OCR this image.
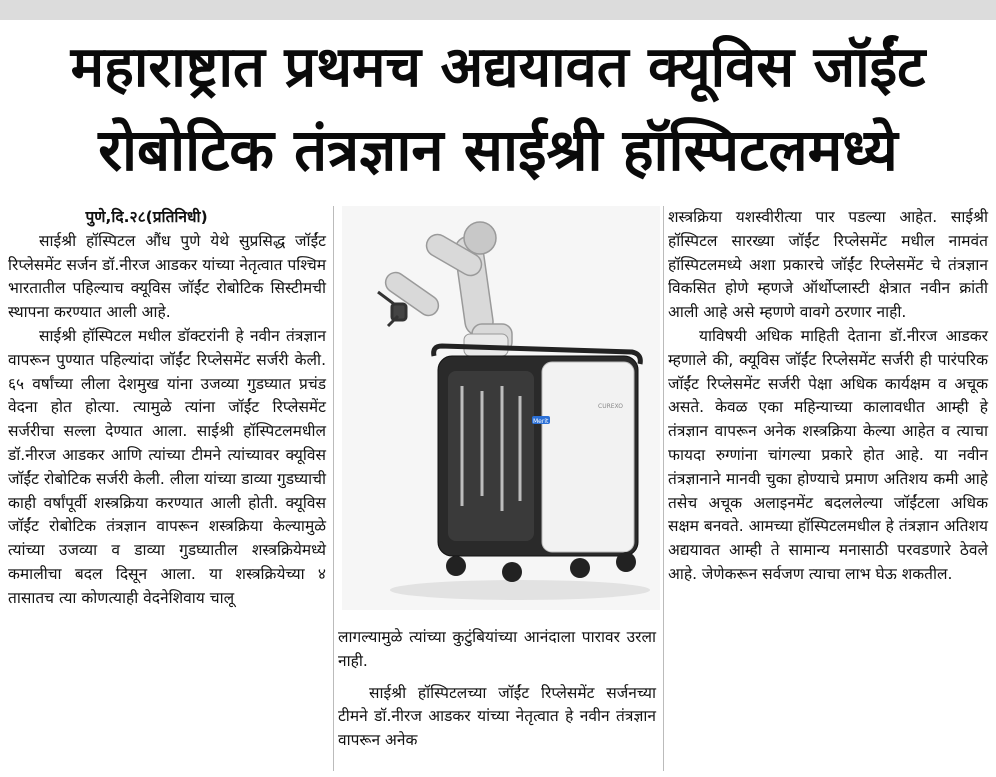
महाराष्ट्रात प्रथमच अद्ययावत क्यूविस जॉईंट
रोबोटिक तंत्रज्ञान साईश्री हॉस्पिटलमध्ये
पुणे,दि.२८(प्रतिनिधी)

साईश्री हॉस्पिटल औंध पुणे येथे सुप्रसिद्ध जॉईंट रिप्लेसमेंट सर्जन डॉ.नीरज आडकर यांच्या नेतृत्वात पश्चिम भारतातील पहिल्याच क्यूविस जॉईंट रोबोटिक सिस्टीमची स्थापना करण्यात आली आहे.

साईश्री हॉस्पिटल मधील डॉक्टरांनी हे नवीन तंत्रज्ञान वापरून पुण्यात पहिल्यांदा जॉईंट रिप्लेसमेंट सर्जरी केली. ६५ वर्षांच्या लीला देशमुख यांना उजव्या गुडघ्यात प्रचंड वेदना होत होत्या. त्यामुळे त्यांना जॉईंट रिप्लेसमेंट सर्जरीचा सल्ला देण्यात आला. साईश्री हॉस्पिटलमधील डॉ.नीरज आडकर आणि त्यांच्या टीमने त्यांच्यावर क्यूविस जॉईंट रोबोटिक सर्जरी केली. लीला यांच्या डाव्या गुडघ्याची काही वर्षांपूर्वी शस्त्रक्रिया करण्यात आली होती. क्यूविस जॉईंट रोबोटिक तंत्रज्ञान वापरून शस्त्रक्रिया केल्यामुळे त्यांच्या उजव्या व डाव्या गुडघ्यातील शस्त्रक्रियेमध्ये कमालीचा बदल दिसून आला. या शस्त्रक्रियेच्या ४ तासातच त्या कोणत्याही वेदनेशिवाय चालू

Merit
CUREXO

लागल्यामुळे त्यांच्या कुटुंबियांच्या आनंदाला पारावर उरला नाही.

साईश्री हॉस्पिटलच्या जॉईंट रिप्लेसमेंट सर्जनच्या टीमने डॉ.नीरज आडकर यांच्या नेतृत्वात हे नवीन तंत्रज्ञान वापरून अनेक

शस्त्रक्रिया यशस्वीरीत्या पार पडल्या आहेत. साईश्री हॉस्पिटल सारख्या जॉईंट रिप्लेसमेंट मधील नामवंत हॉस्पिटलमध्ये अशा प्रकारचे जॉईंट रिप्लेसमेंट चे तंत्रज्ञान विकसित होणे म्हणजे ऑर्थोप्लास्टी क्षेत्रात नवीन क्रांती आली आहे असे म्हणणे वावगे ठरणार नाही.

याविषयी अधिक माहिती देताना डॉ.नीरज आडकर म्हणाले की, क्यूविस जॉईंट रिप्लेसमेंट सर्जरी ही पारंपरिक जॉईंट रिप्लेसमेंट सर्जरी पेक्षा अधिक कार्यक्षम व अचूक असते. केवळ एका महिन्याच्या कालावधीत आम्ही हे तंत्रज्ञान वापरून अनेक शस्त्रक्रिया केल्या आहेत व त्याचा फायदा रुग्णांना चांगल्या प्रकारे होत आहे. या नवीन तंत्रज्ञानाने मानवी चुका होण्याचे प्रमाण अतिशय कमी आहे तसेच अचूक अलाइनमेंट बदललेल्या जॉईंटला अधिक सक्षम बनवते. आमच्या हॉस्पिटलमधील हे तंत्रज्ञान अतिशय अद्ययावत आम्ही ते सामान्य मनासाठी परवडणारे ठेवले आहे. जेणेकरून सर्वजण त्याचा लाभ घेऊ शकतील.
